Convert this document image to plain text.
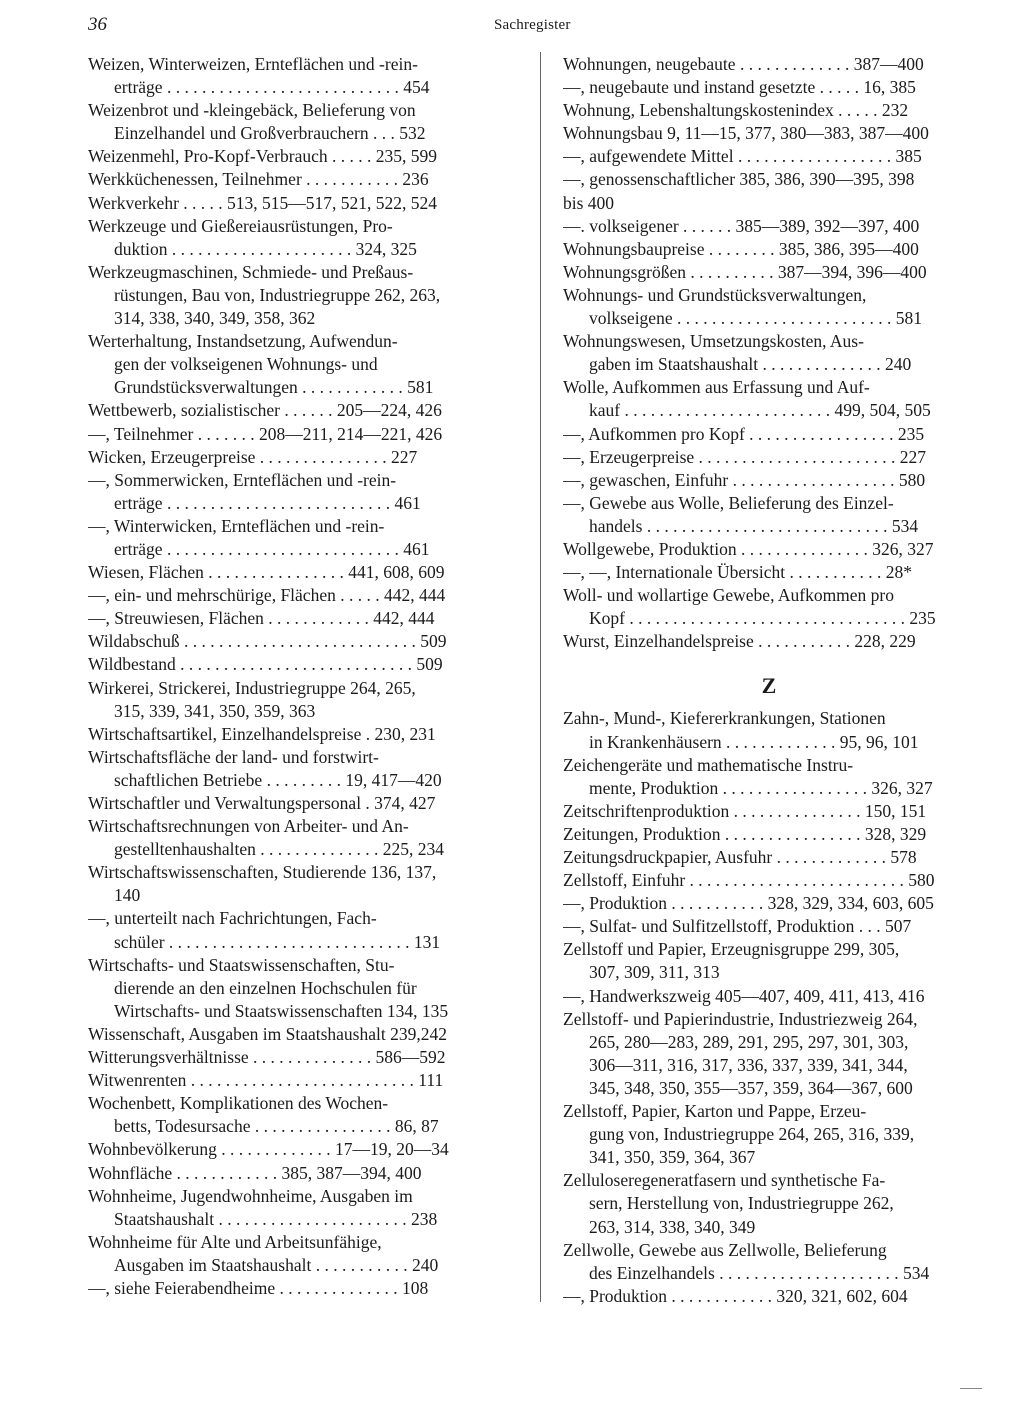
36	Sachregister
Weizen, Winterweizen, Ernteflächen und -rein-
erträge . . . . . . . . . . . . . . . . . . . . . . . . . . . 454
Weizenbrot und -kleingebäck, Belieferung von
Einzelhandel und Großverbrauchern . . . 532
Weizenmehl, Pro-Kopf-Verbrauch . . . . . 235, 599
Werkküchenessen, Teilnehmer . . . . . . . . . . . 236
Werkverkehr . . . . . 513, 515—517, 521, 522, 524
Werkzeuge und Gießereiausrüstungen, Pro-
duktion . . . . . . . . . . . . . . . . . . . . . 324, 325
Werkzeugmaschinen, Schmiede- und Preßaus-
rüstungen, Bau von, Industriegruppe 262, 263,
314, 338, 340, 349, 358, 362
Werterhaltung, Instandsetzung, Aufwendun-
gen der volkseigenen Wohnungs- und
Grundstücksverwaltungen . . . . . . . . . . . . 581
Wettbewerb, sozialistischer . . . . . . 205—224, 426
—, Teilnehmer . . . . . . . 208—211, 214—221, 426
Wicken, Erzeugerpreise . . . . . . . . . . . . . . . 227
—, Sommerwicken, Ernteflächen und -rein-
erträge . . . . . . . . . . . . . . . . . . . . . . . . . . 461
—, Winterwicken, Ernteflächen und -rein-
erträge . . . . . . . . . . . . . . . . . . . . . . . . . . . 461
Wiesen, Flächen . . . . . . . . . . . . . . . . 441, 608, 609
—, ein- und mehrschürige, Flächen . . . . . 442, 444
—, Streuwiesen, Flächen . . . . . . . . . . . . 442, 444
Wildabschuß . . . . . . . . . . . . . . . . . . . . . . . . . . . 509
Wildbestand . . . . . . . . . . . . . . . . . . . . . . . . . . . 509
Wirkerei, Strickerei, Industriegruppe 264, 265,
315, 339, 341, 350, 359, 363
Wirtschaftsartikel, Einzelhandelspreise . 230, 231
Wirtschaftsfläche der land- und forstwirt-
schaftlichen Betriebe . . . . . . . . . 19, 417—420
Wirtschaftler und Verwaltungspersonal . 374, 427
Wirtschaftsrechnungen von Arbeiter- und An-
gestelltenhaushalten . . . . . . . . . . . . . . 225, 234
Wirtschaftswissenschaften, Studierende 136, 137,
140
—, unterteilt nach Fachrichtungen, Fach-
schüler . . . . . . . . . . . . . . . . . . . . . . . . . . . . 131
Wirtschafts- und Staatswissenschaften, Stu-
dierende an den einzelnen Hochschulen für
Wirtschafts- und Staatswissenschaften 134, 135
Wissenschaft, Ausgaben im Staatshaushalt 239,242
Witterungsverhältnisse . . . . . . . . . . . . . . 586—592
Witwenrenten . . . . . . . . . . . . . . . . . . . . . . . . . . 111
Wochenbett, Komplikationen des Wochen-
betts, Todesursache . . . . . . . . . . . . . . . . 86, 87
Wohnbevölkerung . . . . . . . . . . . . . 17—19, 20—34
Wohnfläche . . . . . . . . . . . . 385, 387—394, 400
Wohnheime, Jugendwohnheime, Ausgaben im
Staatshaushalt . . . . . . . . . . . . . . . . . . . . . . 238
Wohnheime für Alte und Arbeitsunfähige,
Ausgaben im Staatshaushalt . . . . . . . . . . . 240
—, siehe Feierabendheime . . . . . . . . . . . . . . 108
Wohnungen, neugebaute . . . . . . . . . . . . . 387—400
—, neugebaute und instand gesetzte . . . . . 16, 385
Wohnung, Lebenshaltungskostenindex . . . . . 232
Wohnungsbau 9, 11—15, 377, 380—383, 387—400
—, aufgewendete Mittel . . . . . . . . . . . . . . . . . . 385
—, genossenschaftlicher 385, 386, 390—395, 398
bis 400
—. volkseigener . . . . . . 385—389, 392—397, 400
Wohnungsbaupreise . . . . . . . . 385, 386, 395—400
Wohnungsgrößen . . . . . . . . . . 387—394, 396—400
Wohnungs- und Grundstücksverwaltungen,
volkseigene . . . . . . . . . . . . . . . . . . . . . . . . . 581
Wohnungswesen, Umsetzungskosten, Aus-
gaben im Staatshaushalt . . . . . . . . . . . . . . 240
Wolle, Aufkommen aus Erfassung und Auf-
kauf . . . . . . . . . . . . . . . . . . . . . . . . 499, 504, 505
—, Aufkommen pro Kopf . . . . . . . . . . . . . . . . . 235
—, Erzeugerpreise . . . . . . . . . . . . . . . . . . . . . . . 227
—, gewaschen, Einfuhr . . . . . . . . . . . . . . . . . . . 580
—, Gewebe aus Wolle, Belieferung des Einzel-
handels . . . . . . . . . . . . . . . . . . . . . . . . . . . . 534
Wollgewebe, Produktion . . . . . . . . . . . . . . . 326, 327
—, —, Internationale Übersicht . . . . . . . . . . . 28*
Woll- und wollartige Gewebe, Aufkommen pro
Kopf . . . . . . . . . . . . . . . . . . . . . . . . . . . . . . . . 235
Wurst, Einzelhandelspreise . . . . . . . . . . . 228, 229
Z
Zahn-, Mund-, Kiefererkrankungen, Stationen
in Krankenhäusern . . . . . . . . . . . . . 95, 96, 101
Zeichengeräte und mathematische Instru-
mente, Produktion . . . . . . . . . . . . . . . . . 326, 327
Zeitschriftenproduktion . . . . . . . . . . . . . . . 150, 151
Zeitungen, Produktion . . . . . . . . . . . . . . . . 328, 329
Zeitungsdruckpapier, Ausfuhr . . . . . . . . . . . . . 578
Zellstoff, Einfuhr . . . . . . . . . . . . . . . . . . . . . . . . . 580
—, Produktion . . . . . . . . . . . 328, 329, 334, 603, 605
—, Sulfat- und Sulfitzellstoff, Produktion . . . 507
Zellstoff und Papier, Erzeugnisgruppe 299, 305,
307, 309, 311, 313
—, Handwerkszweig 405—407, 409, 411, 413, 416
Zellstoff- und Papierindustrie, Industriezweig 264,
265, 280—283, 289, 291, 295, 297, 301, 303,
306—311, 316, 317, 336, 337, 339, 341, 344,
345, 348, 350, 355—357, 359, 364—367, 600
Zellstoff, Papier, Karton und Pappe, Erzeu-
gung von, Industriegruppe 264, 265, 316, 339,
341, 350, 359, 364, 367
Zelluloseregeneratfasern und synthetische Fa-
sern, Herstellung von, Industriegruppe 262,
263, 314, 338, 340, 349
Zellwolle, Gewebe aus Zellwolle, Belieferung
des Einzelhandels . . . . . . . . . . . . . . . . . . . . . 534
—, Produktion . . . . . . . . . . . . 320, 321, 602, 604
